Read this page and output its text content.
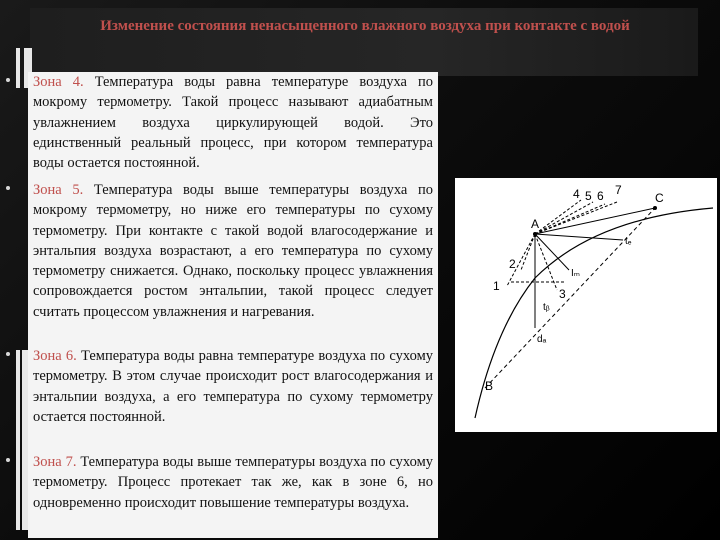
Изменение состояния ненасыщенного влажного воздуха при контакте с водой

Зона 4. Температура воды равна температуре воздуха по мокрому термометру. Такой процесс называют адиабатным увлажнением воздуха циркулирующей водой. Это единственный реальный процесс, при котором температура воды остается постоянной.

Зона 5. Температура воды выше температуры воздуха по мокрому термометру, но ниже его температуры по сухому термометру. При контакте с такой водой влагосодержание и энтальпия воздуха возрастают, а его температура по сухому термометру снижается. Однако, поскольку процесс увлажнения сопровождается ростом энтальпии, такой процесс следует считать процессом увлажнения и нагревания.

Зона 6. Температура воды равна температуре воздуха по сухому термометру. В этом случае происходит рост влагосодержания и энтальпии воздуха, а его температура по сухому термометру остается постоянной.

Зона 7. Температура воды выше температуры воздуха по сухому термометру. Процесс протекает так же, как в зоне 6, но одновременно происходит повышение температуры воздуха.

4 5 6 7
C
A
tₑ
2
Iₘ
1
3
tᵦ
dₐ
B
